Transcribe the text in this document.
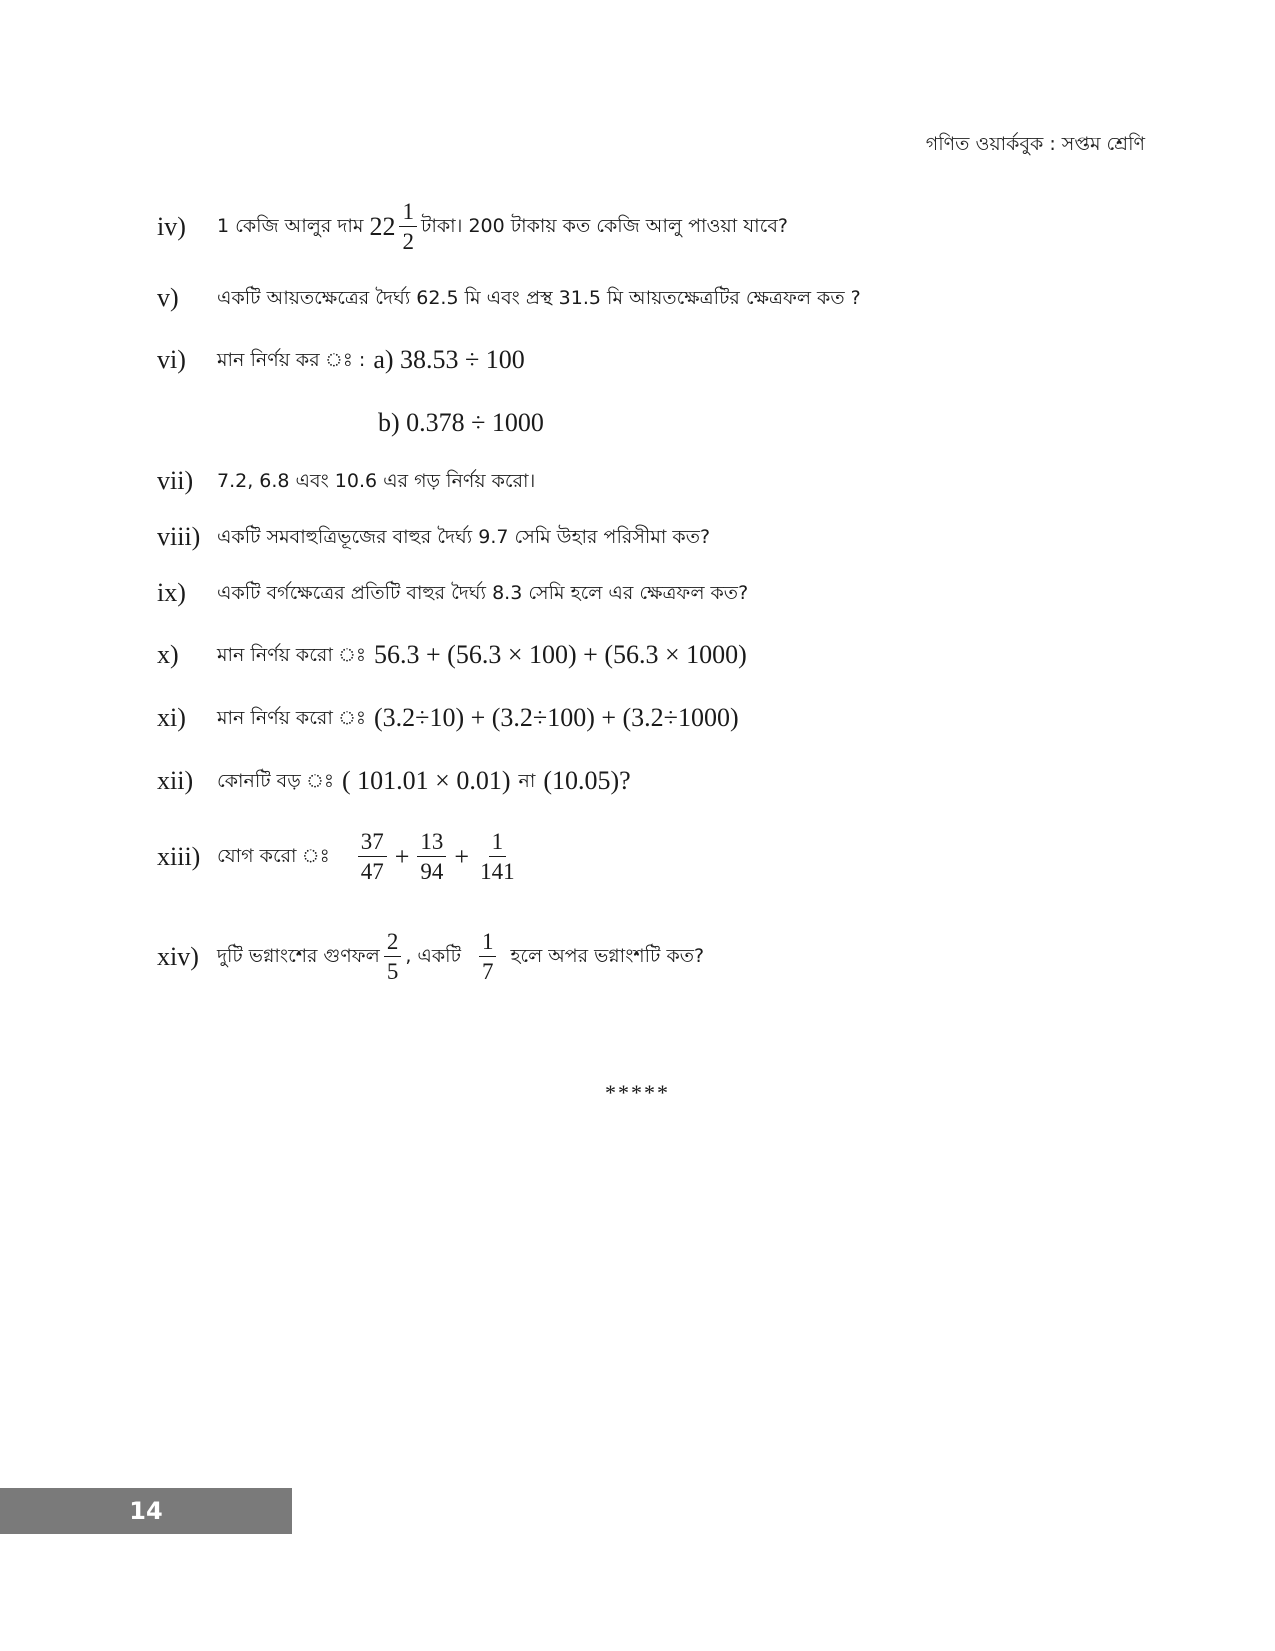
গণিত ওয়ার্কবুক : সপ্তম শ্রেণি
iv)	1 কেজি আলুর দাম $22 \frac{1}{2}$ টাকা। 200 টাকায় কত কেজি আলু পাওয়া যাবে?
v)	একটি আয়তক্ষেত্রের দৈর্ঘ্য 62.5 মি এবং প্রস্থ 31.5 মি আয়তক্ষেত্রটির ক্ষেত্রফল কত ?
vi)	মান নির্ণয় কর ঃ : a) 38.53 ÷ 100
b) 0.378 ÷ 1000
vii)	7.2, 6.8 এবং 10.6 এর গড় নির্ণয় করো।
viii) একটি সমবাহুত্রিভূজের বাহুর দৈর্ঘ্য 9.7 সেমি উহার পরিসীমা কত?
ix)	একটি বর্গক্ষেত্রের প্রতিটি বাহুর দৈর্ঘ্য 8.3 সেমি হলে এর ক্ষেত্রফল কত?
x)	মান নির্ণয় করো ঃ 56.3 + (56.3 × 100) + (56.3 × 1000)
xi)	মান নির্ণয় করো ঃ (3.2÷10) + (3.2÷100) + (3.2÷1000)
xii)	কোনটি বড় ঃ ( 101.01 × 0.01) না (10.05)?
xiii) যোগ করো ঃ $\frac{37}{47} + \frac{13}{94} + \frac{1}{141}$
xiv) দুটি ভগ্নাংশের গুণফল $\frac{2}{5}$ , একটি $\frac{1}{7}$ হলে অপর ভগ্নাংশটি কত?
*****
14
